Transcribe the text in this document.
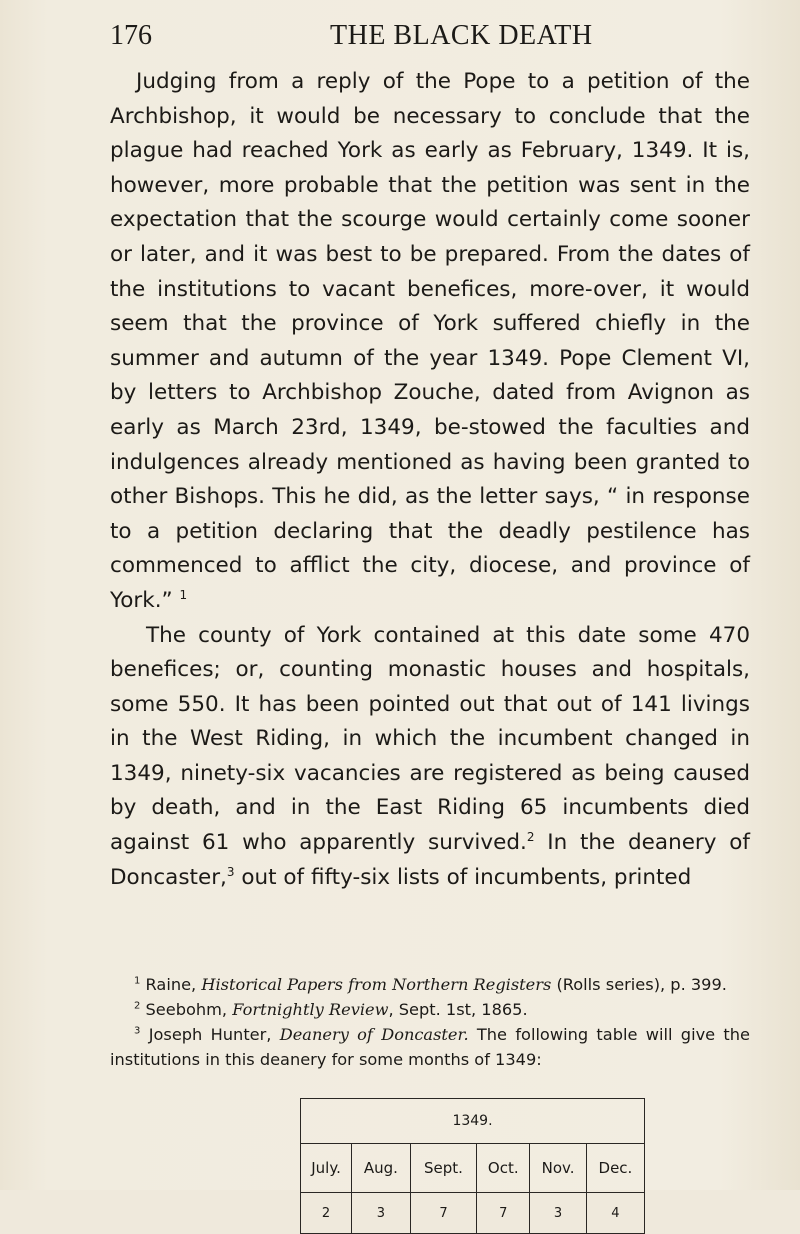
176	THE BLACK DEATH

Judging from a reply of the Pope to a petition of the Archbishop, it would be necessary to conclude that the plague had reached York as early as February, 1349. It is, however, more probable that the petition was sent in the expectation that the scourge would certainly come sooner or later, and it was best to be prepared. From the dates of the institutions to vacant benefices, more-over, it would seem that the province of York suffered chiefly in the summer and autumn of the year 1349. Pope Clement VI, by letters to Archbishop Zouche, dated from Avignon as early as March 23rd, 1349, be-stowed the faculties and indulgences already mentioned as having been granted to other Bishops. This he did, as the letter says, “ in response to a petition declaring that the deadly pestilence has commenced to afflict the city, diocese, and province of York.” $^1$

The county of York contained at this date some 470 benefices; or, counting monastic houses and hospitals, some 550. It has been pointed out that out of 141 livings in the West Riding, in which the incumbent changed in 1349, ninety-six vacancies are registered as being caused by death, and in the East Riding 65 incumbents died against 61 who apparently survived.$^2$ In the deanery of Doncaster,$^3$ out of fifty-six lists of incumbents, printed

$^1$ Raine, Historical Papers from Northern Registers (Rolls series), p. 399.

$^2$ Seebohm, Fortnightly Review, Sept. 1st, 1865.

$^3$ Joseph Hunter, Deanery of Doncaster. The following table will give the institutions in this deanery for some months of 1349:

1349.					
July.	Aug.	Sept.	Oct.	Nov.	Dec.
2	3	7	7	3	4
